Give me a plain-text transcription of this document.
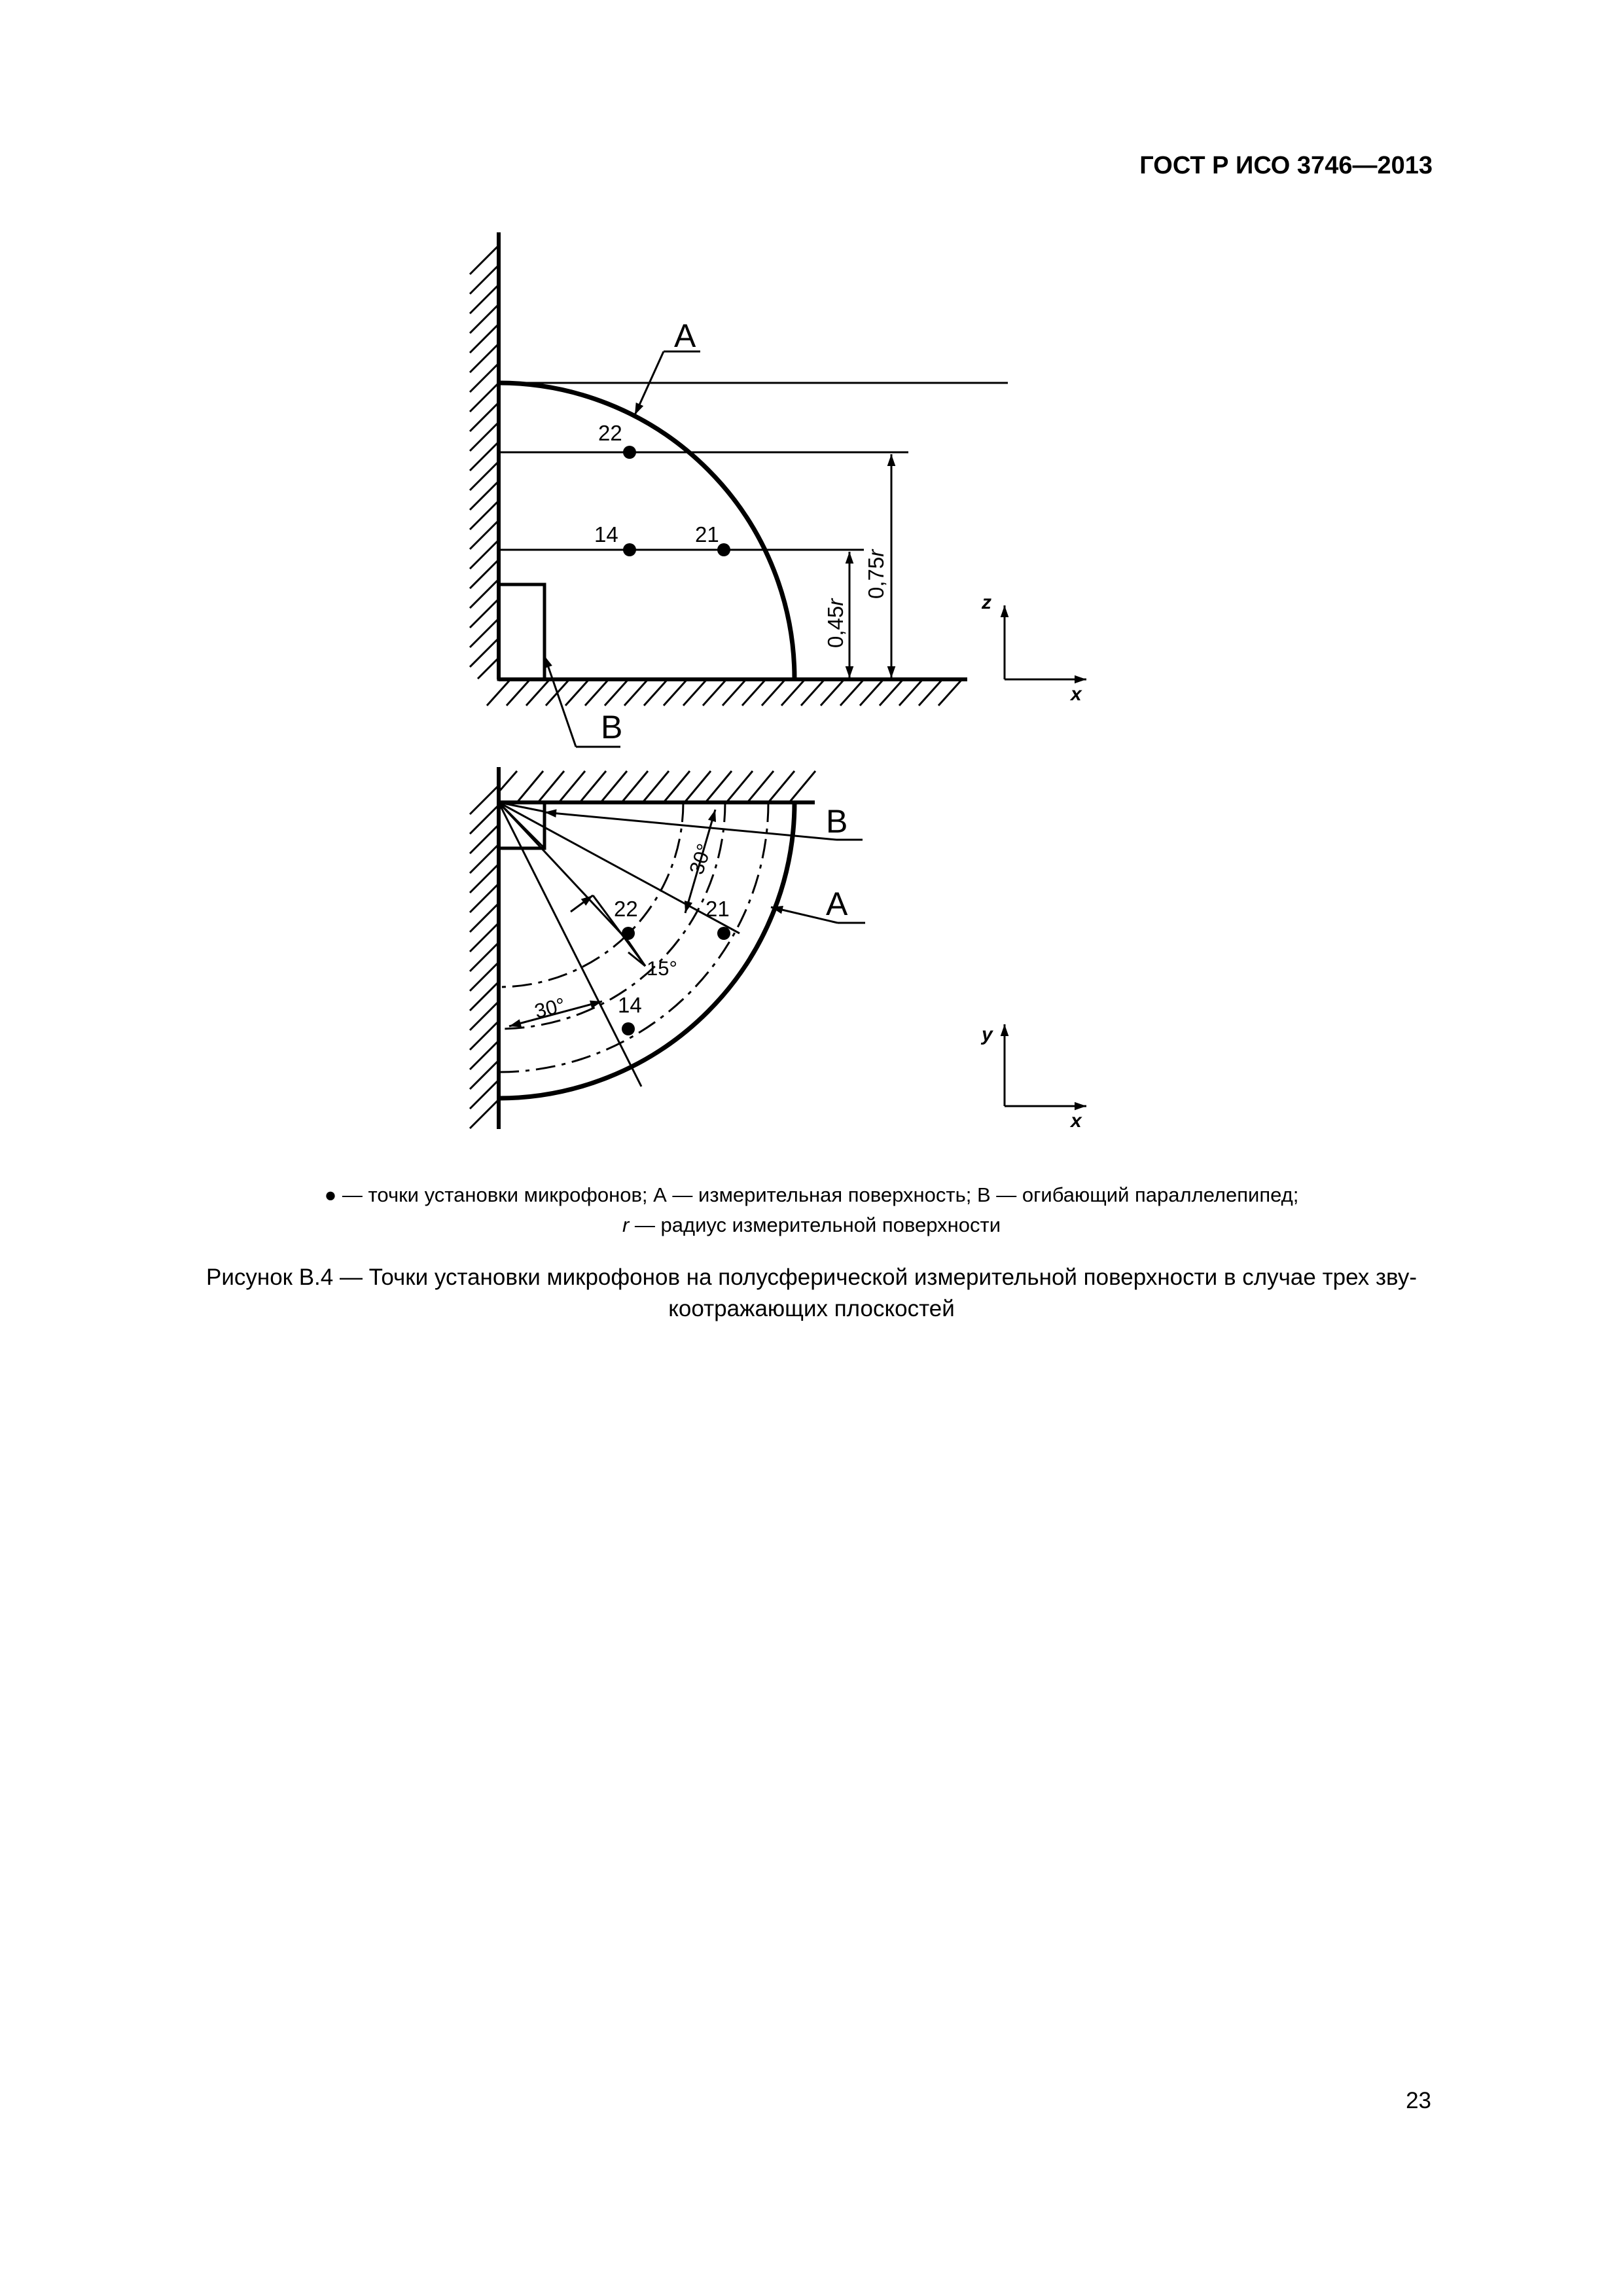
ГОСТ Р ИСО 3746—2013
А
В
22
14	21
0,45r
0,75r
z
x
В
А
22	21
14
30°
30°
15°
y
x
● — точки установки микрофонов; А — измерительная поверхность; В — огибающий параллелепипед;
r — радиус измерительной поверхности
Рисунок В.4 — Точки установки микрофонов на полусферической измерительной поверхности в случае трех зву-
коотражающих плоскостей
23
